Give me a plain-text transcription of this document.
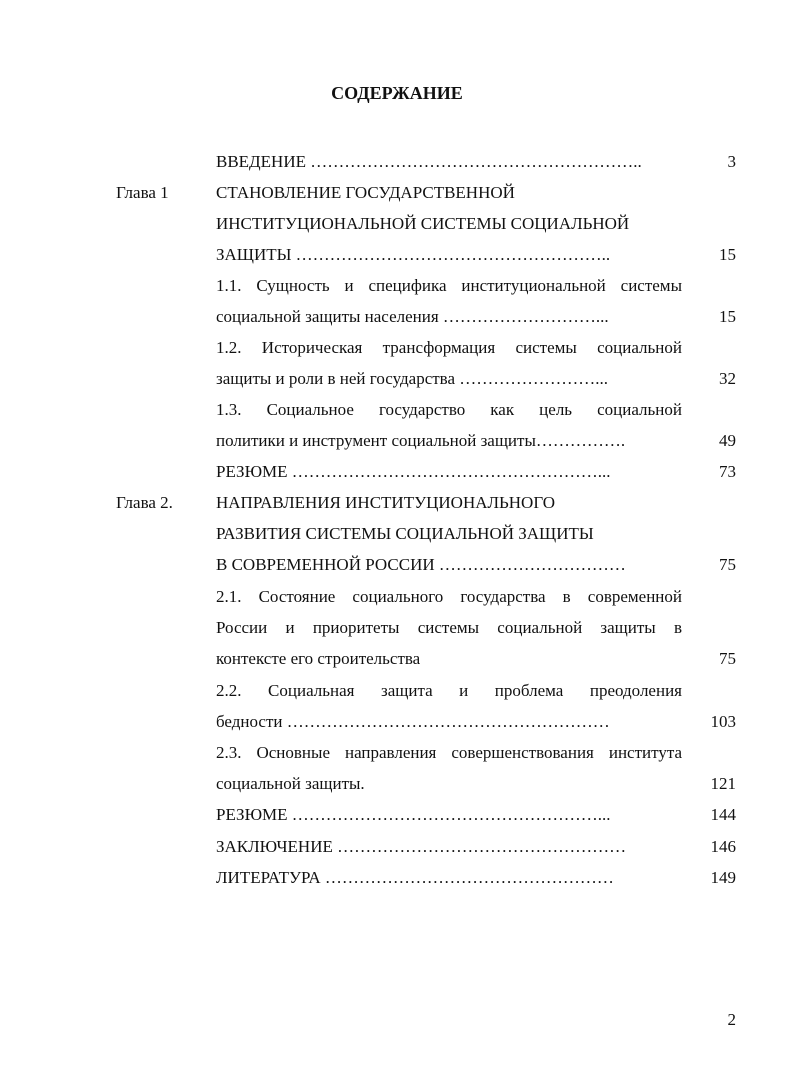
СОДЕРЖАНИЕ
ВВЕДЕНИЕ …………………………………………………..	3
Глава 1	СТАНОВЛЕНИЕ ГОСУДАРСТВЕННОЙ
ИНСТИТУЦИОНАЛЬНОЙ СИСТЕМЫ СОЦИАЛЬНОЙ
ЗАЩИТЫ ………………………………………………..	15
1.1. Сущность и специфика институциональной системы
социальной защиты населения ………………………...	15
1.2. Историческая трансформация системы социальной
защиты и роли в ней государства ……………………...	32
1.3. Социальное государство как цель социальной
политики и инструмент социальной защиты…………….	49
РЕЗЮМЕ ………………………………………………...	73
Глава 2.	НАПРАВЛЕНИЯ ИНСТИТУЦИОНАЛЬНОГО
РАЗВИТИЯ СИСТЕМЫ СОЦИАЛЬНОЙ ЗАЩИТЫ
В СОВРЕМЕННОЙ РОССИИ ……………………………	75
2.1. Состояние социального государства в современной
России и приоритеты системы социальной защиты в
контексте его строительства	75
2.2. Социальная защита и проблема преодоления
бедности …………………………………………………	103
2.3. Основные направления совершенствования института
социальной защиты.	121
РЕЗЮМЕ ………………………………………………...	144
ЗАКЛЮЧЕНИЕ ……………………………………………	146
ЛИТЕРАТУРА ……………………………………………	149
2
